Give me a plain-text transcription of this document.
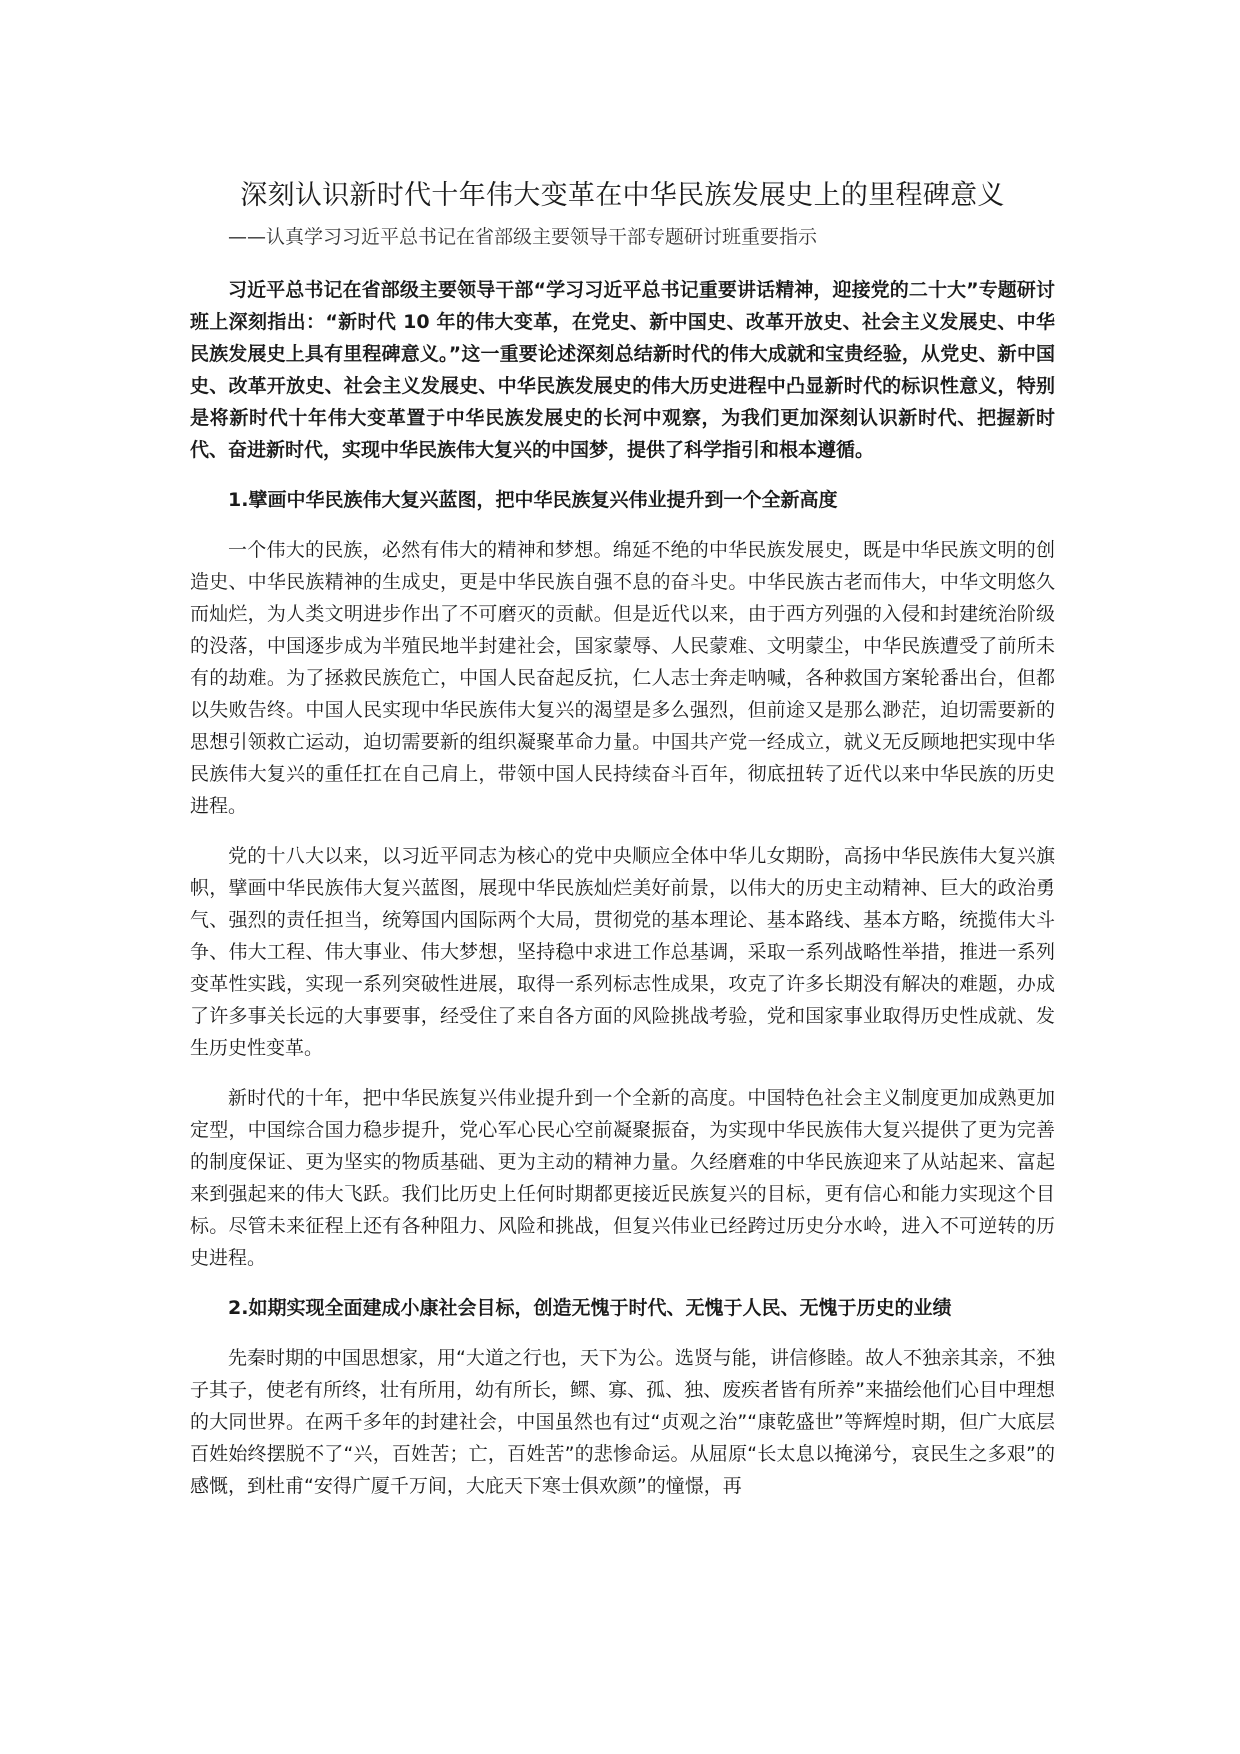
深刻认识新时代十年伟大变革在中华民族发展史上的里程碑意义
——认真学习习近平总书记在省部级主要领导干部专题研讨班重要指示

习近平总书记在省部级主要领导干部“学习习近平总书记重要讲话精神，迎接党的二十大”专题研讨班上深刻指出：“新时代 10 年的伟大变革，在党史、新中国史、改革开放史、社会主义发展史、中华民族发展史上具有里程碑意义。”这一重要论述深刻总结新时代的伟大成就和宝贵经验，从党史、新中国史、改革开放史、社会主义发展史、中华民族发展史的伟大历史进程中凸显新时代的标识性意义，特别是将新时代十年伟大变革置于中华民族发展史的长河中观察，为我们更加深刻认识新时代、把握新时代、奋进新时代，实现中华民族伟大复兴的中国梦，提供了科学指引和根本遵循。

1.擘画中华民族伟大复兴蓝图，把中华民族复兴伟业提升到一个全新高度

一个伟大的民族，必然有伟大的精神和梦想。绵延不绝的中华民族发展史，既是中华民族文明的创造史、中华民族精神的生成史，更是中华民族自强不息的奋斗史。中华民族古老而伟大，中华文明悠久而灿烂，为人类文明进步作出了不可磨灭的贡献。但是近代以来，由于西方列强的入侵和封建统治阶级的没落，中国逐步成为半殖民地半封建社会，国家蒙辱、人民蒙难、文明蒙尘，中华民族遭受了前所未有的劫难。为了拯救民族危亡，中国人民奋起反抗，仁人志士奔走呐喊，各种救国方案轮番出台，但都以失败告终。中国人民实现中华民族伟大复兴的渴望是多么强烈，但前途又是那么渺茫，迫切需要新的思想引领救亡运动，迫切需要新的组织凝聚革命力量。中国共产党一经成立，就义无反顾地把实现中华民族伟大复兴的重任扛在自己肩上，带领中国人民持续奋斗百年，彻底扭转了近代以来中华民族的历史进程。

党的十八大以来，以习近平同志为核心的党中央顺应全体中华儿女期盼，高扬中华民族伟大复兴旗帜，擘画中华民族伟大复兴蓝图，展现中华民族灿烂美好前景，以伟大的历史主动精神、巨大的政治勇气、强烈的责任担当，统筹国内国际两个大局，贯彻党的基本理论、基本路线、基本方略，统揽伟大斗争、伟大工程、伟大事业、伟大梦想，坚持稳中求进工作总基调，采取一系列战略性举措，推进一系列变革性实践，实现一系列突破性进展，取得一系列标志性成果，攻克了许多长期没有解决的难题，办成了许多事关长远的大事要事，经受住了来自各方面的风险挑战考验，党和国家事业取得历史性成就、发生历史性变革。

新时代的十年，把中华民族复兴伟业提升到一个全新的高度。中国特色社会主义制度更加成熟更加定型，中国综合国力稳步提升，党心军心民心空前凝聚振奋，为实现中华民族伟大复兴提供了更为完善的制度保证、更为坚实的物质基础、更为主动的精神力量。久经磨难的中华民族迎来了从站起来、富起来到强起来的伟大飞跃。我们比历史上任何时期都更接近民族复兴的目标，更有信心和能力实现这个目标。尽管未来征程上还有各种阻力、风险和挑战，但复兴伟业已经跨过历史分水岭，进入不可逆转的历史进程。

2.如期实现全面建成小康社会目标，创造无愧于时代、无愧于人民、无愧于历史的业绩

先秦时期的中国思想家，用“大道之行也，天下为公。选贤与能，讲信修睦。故人不独亲其亲，不独子其子，使老有所终，壮有所用，幼有所长，鳏、寡、孤、独、废疾者皆有所养”来描绘他们心目中理想的大同世界。在两千多年的封建社会，中国虽然也有过“贞观之治”“康乾盛世”等辉煌时期，但广大底层百姓始终摆脱不了“兴，百姓苦；亡，百姓苦”的悲惨命运。从屈原“长太息以掩涕兮，哀民生之多艰”的感慨，到杜甫“安得广厦千万间，大庇天下寒士俱欢颜”的憧憬，再
